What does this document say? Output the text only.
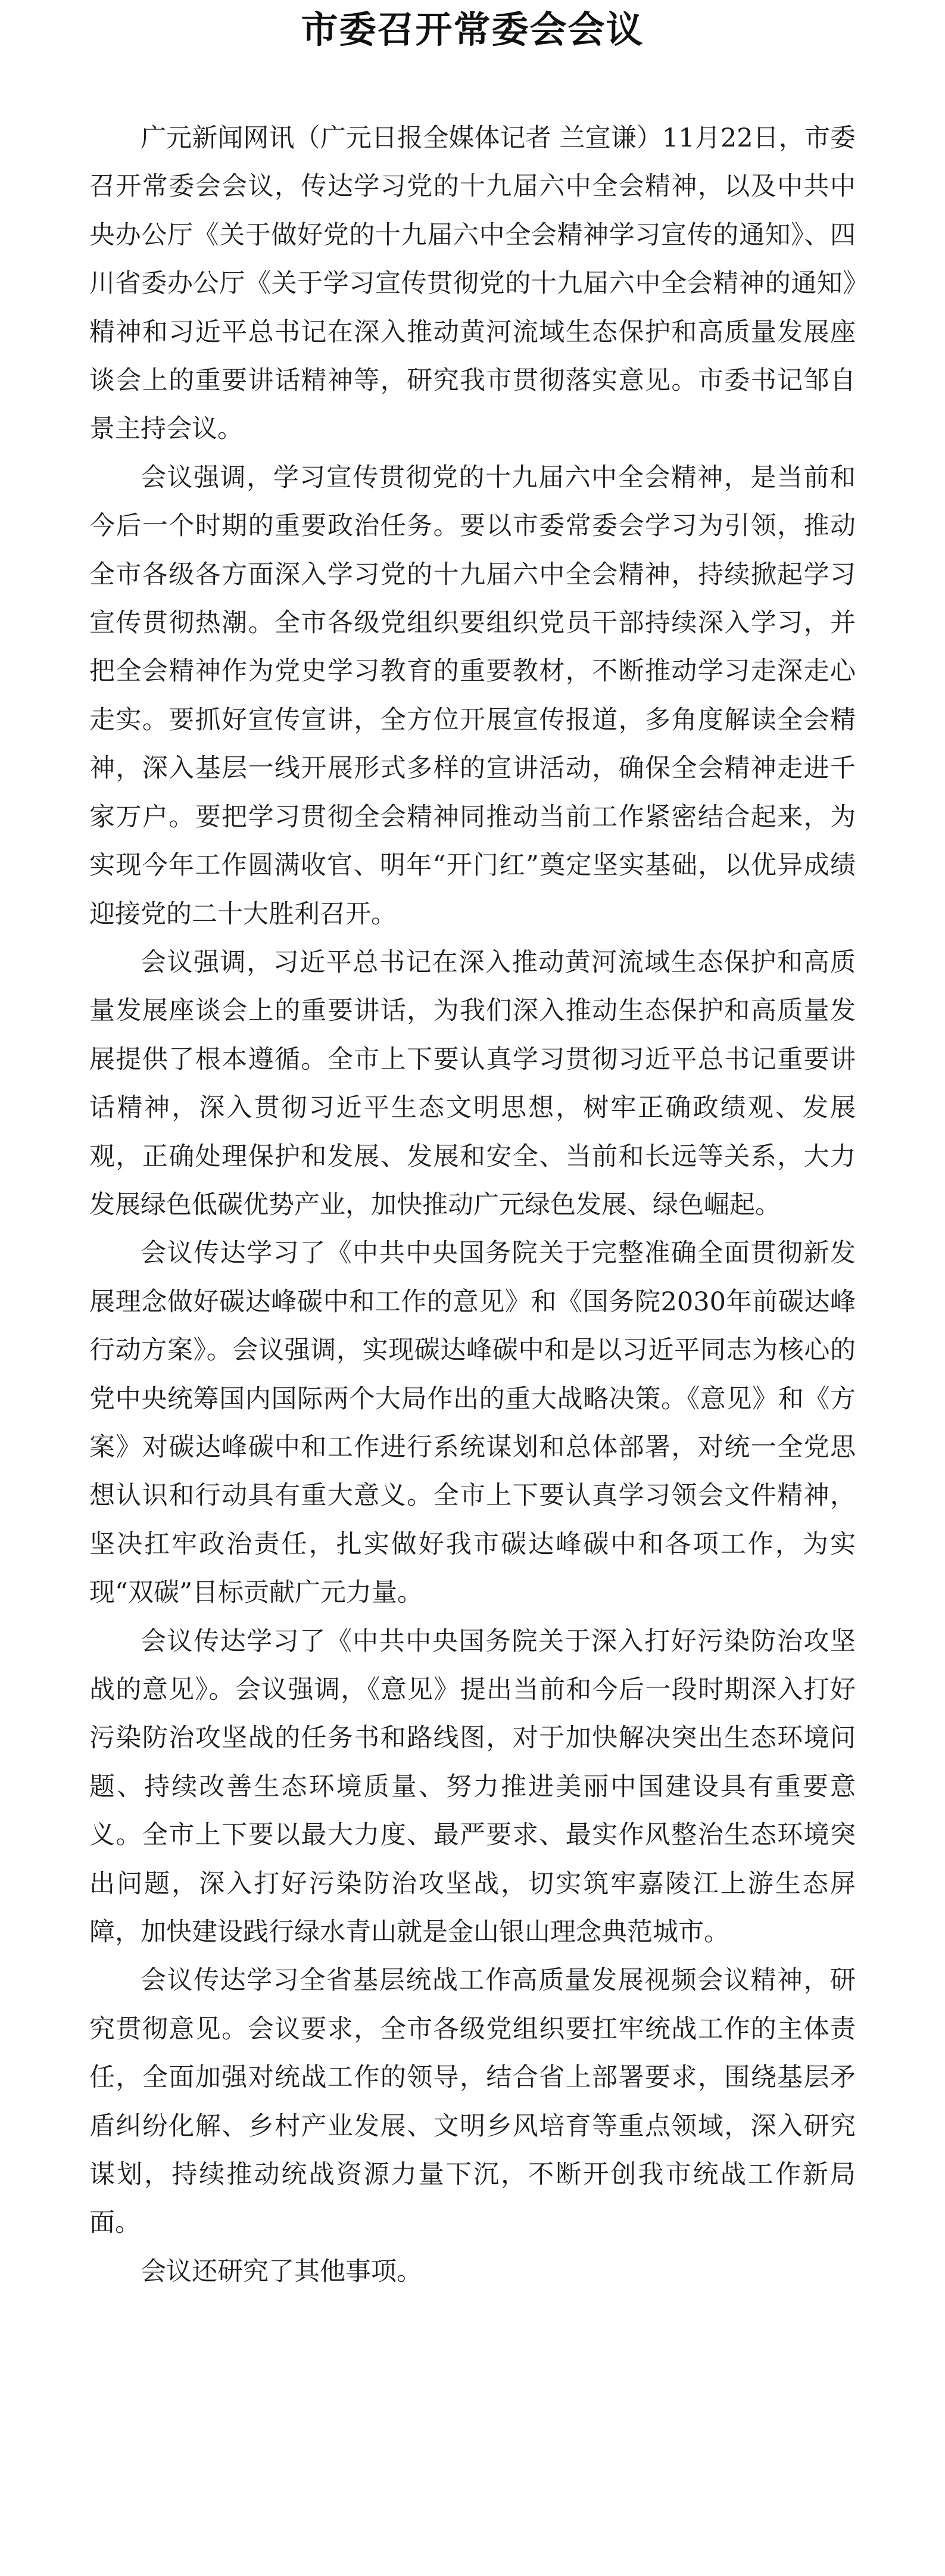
市委召开常委会会议

广元新闻网讯（广元日报全媒体记者 兰宣谦）11月22日，市委召开常委会会议，传达学习党的十九届六中全会精神，以及中共中央办公厅《关于做好党的十九届六中全会精神学习宣传的通知》、四川省委办公厅《关于学习宣传贯彻党的十九届六中全会精神的通知》精神和习近平总书记在深入推动黄河流域生态保护和高质量发展座谈会上的重要讲话精神等，研究我市贯彻落实意见。市委书记邹自景主持会议。

会议强调，学习宣传贯彻党的十九届六中全会精神，是当前和今后一个时期的重要政治任务。要以市委常委会学习为引领，推动全市各级各方面深入学习党的十九届六中全会精神，持续掀起学习宣传贯彻热潮。全市各级党组织要组织党员干部持续深入学习，并把全会精神作为党史学习教育的重要教材，不断推动学习走深走心走实。要抓好宣传宣讲，全方位开展宣传报道，多角度解读全会精神，深入基层一线开展形式多样的宣讲活动，确保全会精神走进千家万户。要把学习贯彻全会精神同推动当前工作紧密结合起来，为实现今年工作圆满收官、明年“开门红”奠定坚实基础，以优异成绩迎接党的二十大胜利召开。

会议强调，习近平总书记在深入推动黄河流域生态保护和高质量发展座谈会上的重要讲话，为我们深入推动生态保护和高质量发展提供了根本遵循。全市上下要认真学习贯彻习近平总书记重要讲话精神，深入贯彻习近平生态文明思想，树牢正确政绩观、发展观，正确处理保护和发展、发展和安全、当前和长远等关系，大力发展绿色低碳优势产业，加快推动广元绿色发展、绿色崛起。

会议传达学习了《中共中央国务院关于完整准确全面贯彻新发展理念做好碳达峰碳中和工作的意见》和《国务院2030年前碳达峰行动方案》。会议强调，实现碳达峰碳中和是以习近平同志为核心的党中央统筹国内国际两个大局作出的重大战略决策。《意见》和《方案》对碳达峰碳中和工作进行系统谋划和总体部署，对统一全党思想认识和行动具有重大意义。全市上下要认真学习领会文件精神，坚决扛牢政治责任，扎实做好我市碳达峰碳中和各项工作，为实现“双碳”目标贡献广元力量。

会议传达学习了《中共中央国务院关于深入打好污染防治攻坚战的意见》。会议强调，《意见》提出当前和今后一段时期深入打好污染防治攻坚战的任务书和路线图，对于加快解决突出生态环境问题、持续改善生态环境质量、努力推进美丽中国建设具有重要意义。全市上下要以最大力度、最严要求、最实作风整治生态环境突出问题，深入打好污染防治攻坚战，切实筑牢嘉陵江上游生态屏障，加快建设践行绿水青山就是金山银山理念典范城市。

会议传达学习全省基层统战工作高质量发展视频会议精神，研究贯彻意见。会议要求，全市各级党组织要扛牢统战工作的主体责任，全面加强对统战工作的领导，结合省上部署要求，围绕基层矛盾纠纷化解、乡村产业发展、文明乡风培育等重点领域，深入研究谋划，持续推动统战资源力量下沉，不断开创我市统战工作新局面。

会议还研究了其他事项。
